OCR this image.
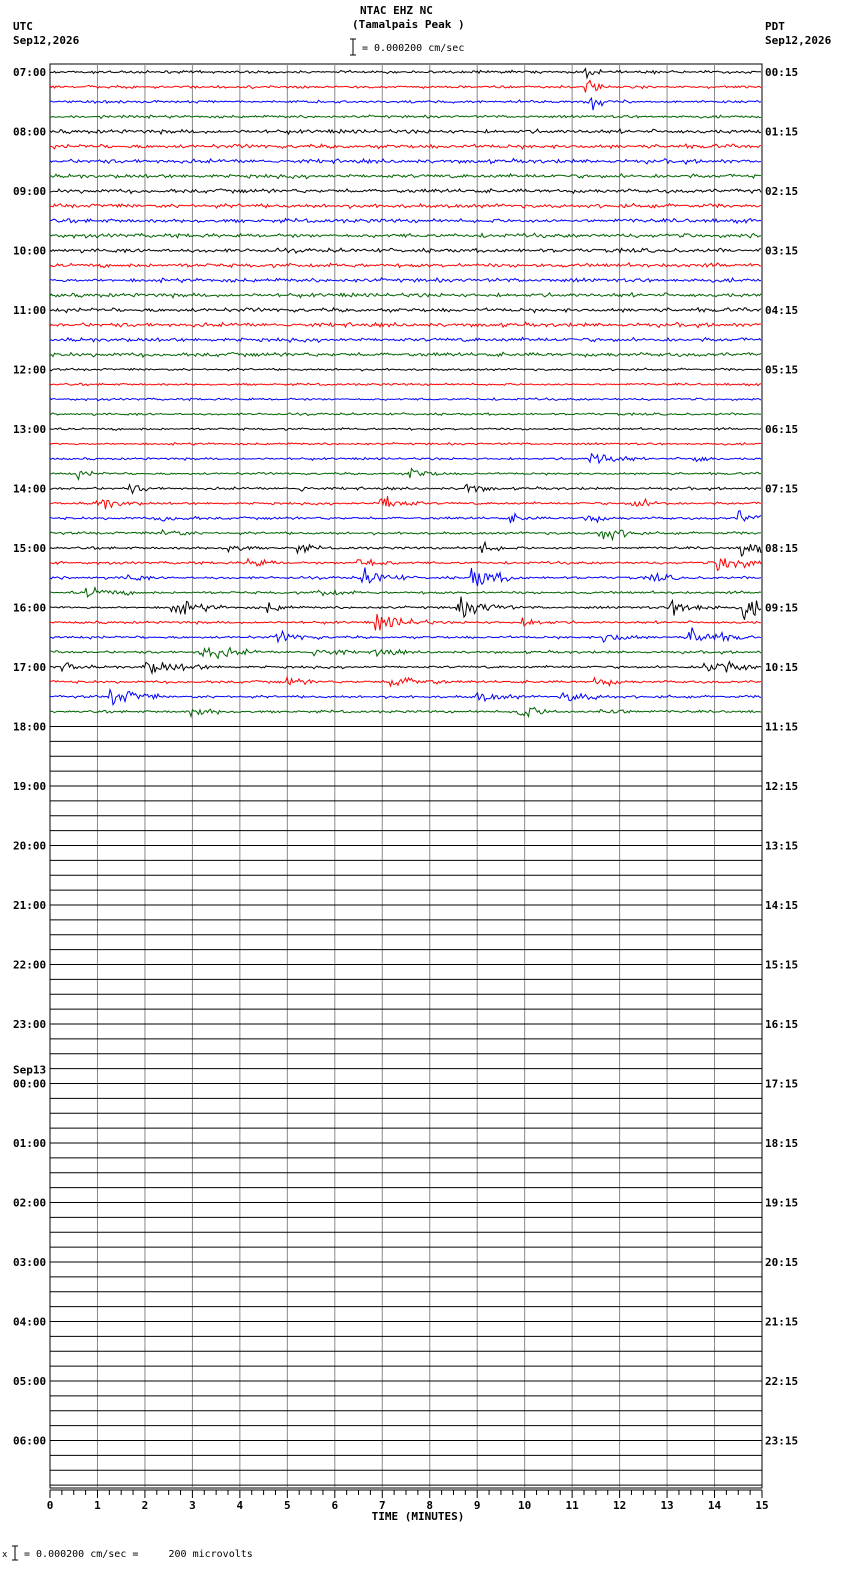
NTAC EHZ NC
(Tamalpais Peak )
UTC
Sep12,2026
PDT
Sep12,2026
= 0.000200 cm/sec
07:00	00:15
08:00	01:15
09:00	02:15
10:00	03:15
11:00	04:15
12:00	05:15
13:00	06:15
14:00	07:15
15:00	08:15
16:00	09:15
17:00	10:15
18:00	11:15
19:00	12:15
20:00	13:15
21:00	14:15
22:00	15:15
23:00	16:15
00:00	17:15
Sep13
01:00	18:15
02:00	19:15
03:00	20:15
04:00	21:15
05:00	22:15
06:00	23:15
0	1	2	3	4	5	6	7	8	9	10	11	12	13	14	15
TIME (MINUTES)
x = 0.000200 cm/sec =     200 microvolts
